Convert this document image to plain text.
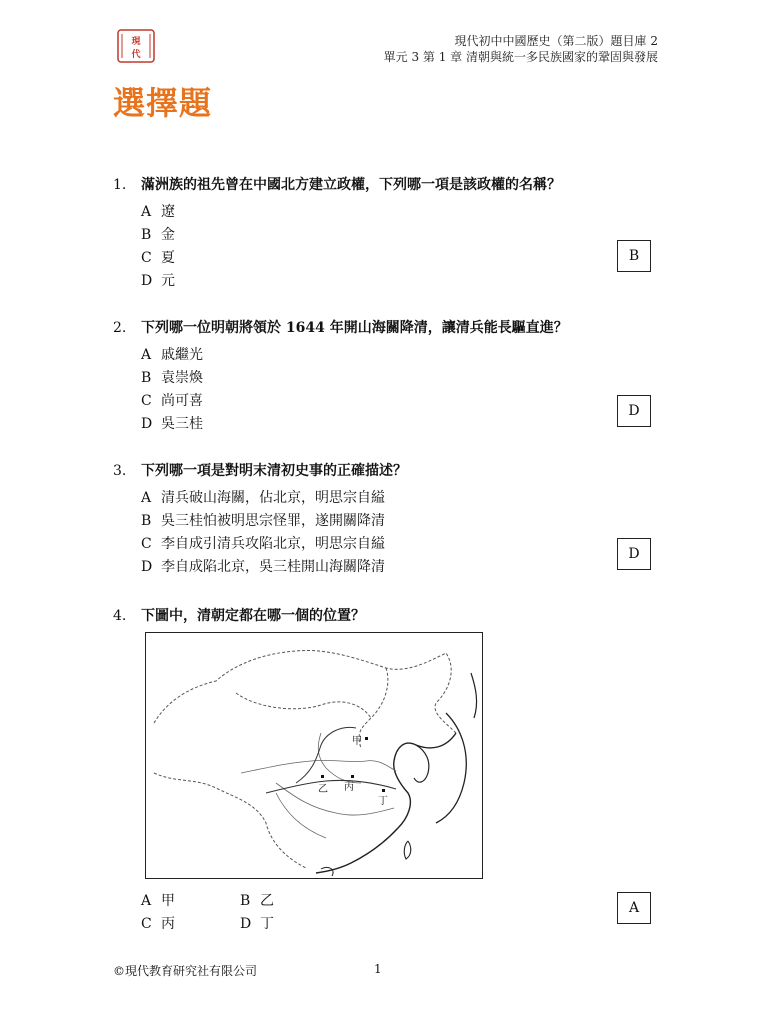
現
代
現代初中中國歷史（第二版）題目庫 2
單元 3 第 1 章 清朝與統一多民族國家的鞏固與發展
選擇題
1.	滿洲族的祖先曾在中國北方建立政權，下列哪一項是該政權的名稱？
A 遼
B 金
C 夏
D 元
B
2.	下列哪一位明朝將領於 1644 年開山海關降清，讓清兵能長驅直進？
A 戚繼光
B 袁崇煥
C 尚可喜
D 吳三桂
D
3.	下列哪一項是對明末清初史事的正確描述？
A 清兵破山海關，佔北京，明思宗自縊
B 吳三桂怕被明思宗怪罪，遂開關降清
C 李自成引清兵攻陷北京，明思宗自縊
D 李自成陷北京，吳三桂開山海關降清
D
4.	下圖中，清朝定都在哪一個的位置？
甲
乙 丙
丁
A 甲	B 乙
C 丙	D 丁
A
©現代教育研究社有限公司	1
